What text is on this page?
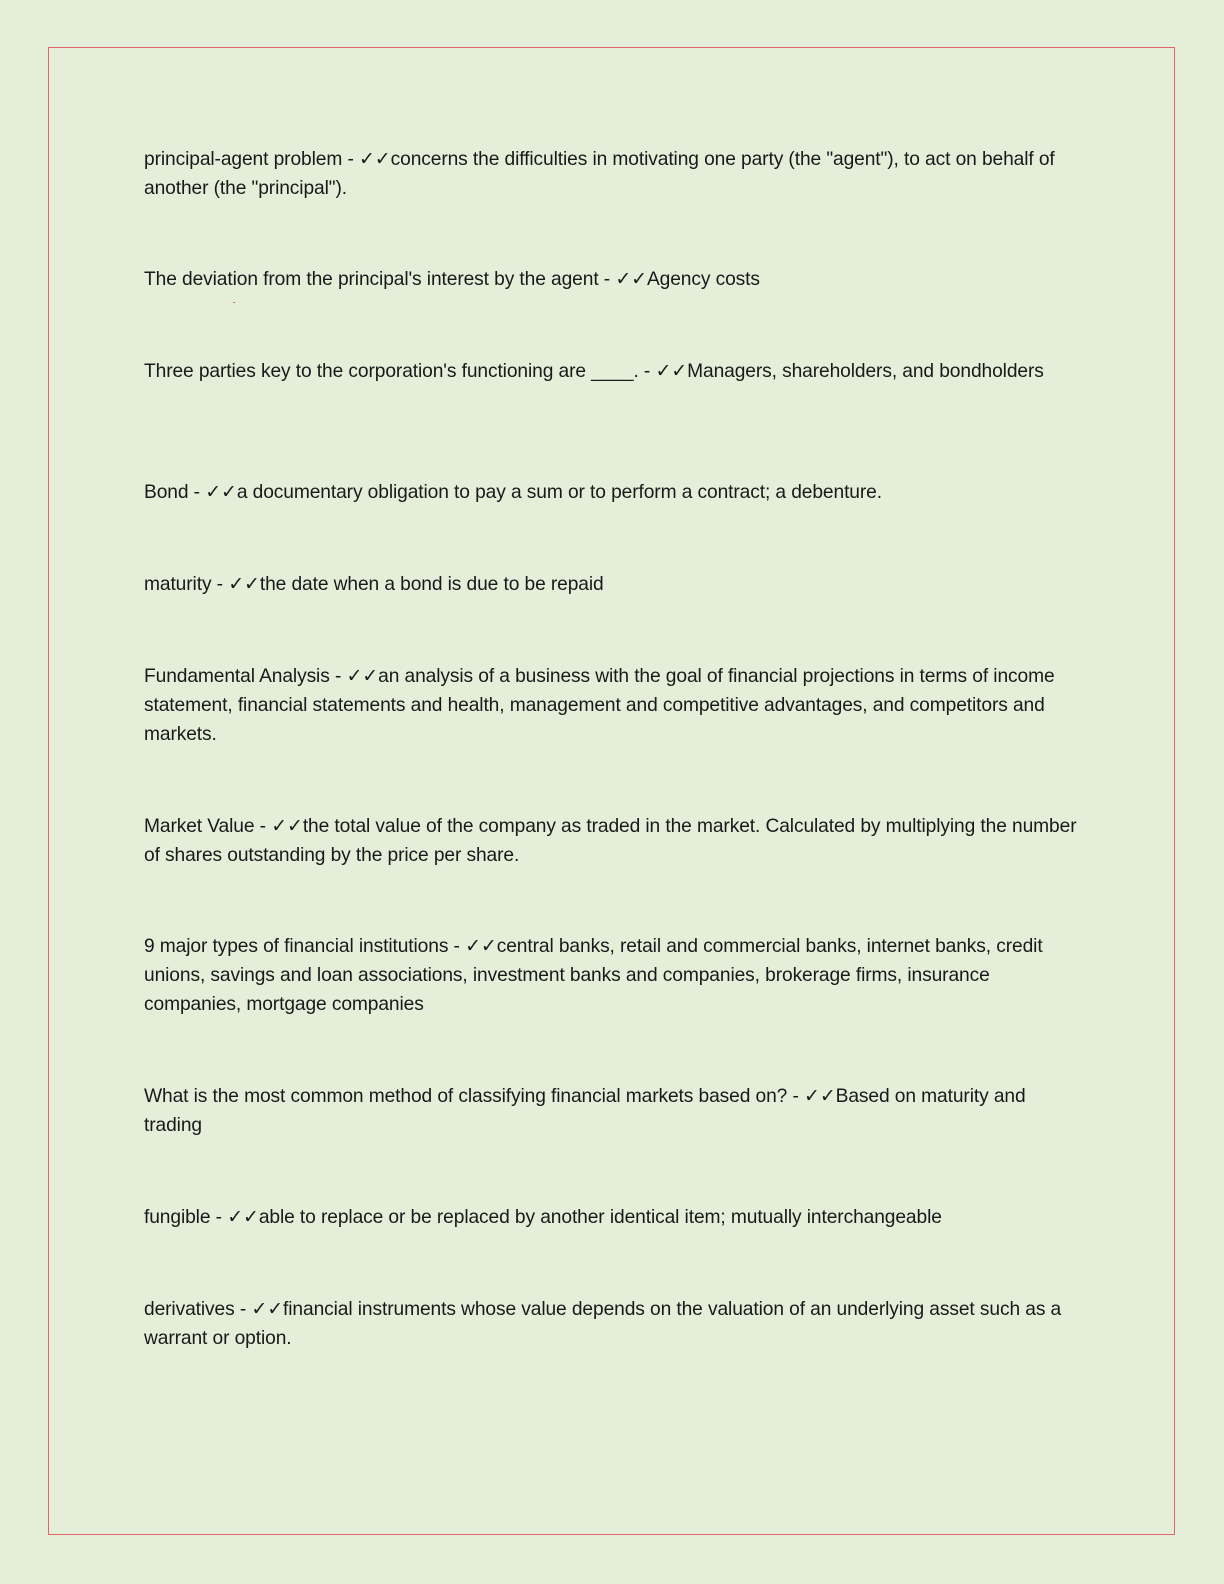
principal-agent problem - ✓✓concerns the difficulties in motivating one party (the "agent"), to act on behalf of another (the "principal").

The deviation from the principal's interest by the agent - ✓✓Agency costs

Three parties key to the corporation's functioning are ____. - ✓✓Managers, shareholders, and bondholders

Bond - ✓✓a documentary obligation to pay a sum or to perform a contract; a debenture.

maturity - ✓✓the date when a bond is due to be repaid

Fundamental Analysis - ✓✓an analysis of a business with the goal of financial projections in terms of income statement, financial statements and health, management and competitive advantages, and competitors and markets.

Market Value - ✓✓the total value of the company as traded in the market. Calculated by multiplying the number of shares outstanding by the price per share.

9 major types of financial institutions - ✓✓central banks, retail and commercial banks, internet banks, credit unions, savings and loan associations, investment banks and companies, brokerage firms, insurance companies, mortgage companies

What is the most common method of classifying financial markets based on? - ✓✓Based on maturity and trading

fungible - ✓✓able to replace or be replaced by another identical item; mutually interchangeable

derivatives - ✓✓financial instruments whose value depends on the valuation of an underlying asset such as a warrant or option.
